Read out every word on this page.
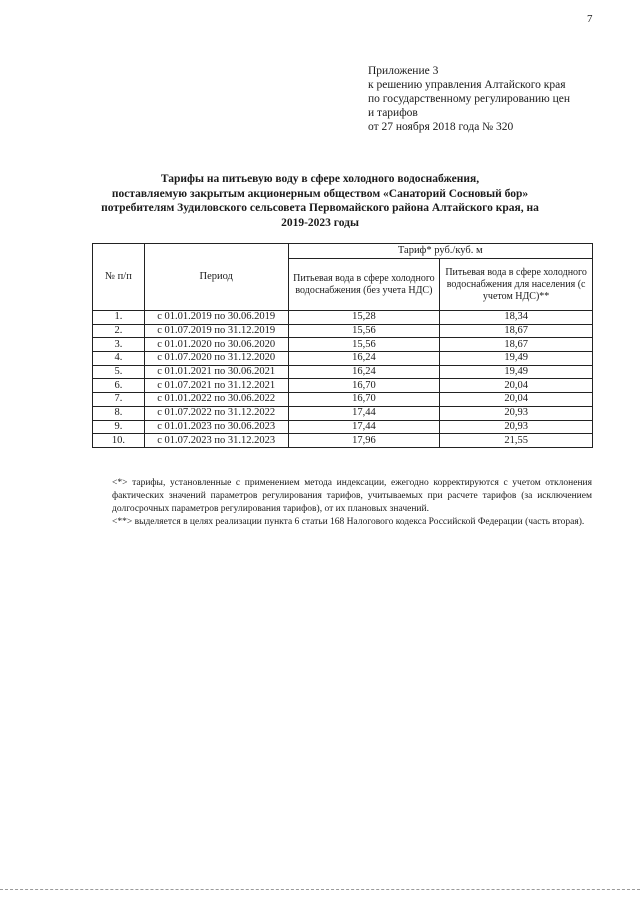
7
Приложение 3
к решению управления Алтайского края
по государственному регулированию цен
и тарифов
от 27 ноября 2018 года № 320
Тарифы на питьевую воду в сфере холодного водоснабжения,
поставляемую закрытым акционерным обществом «Санаторий Сосновый бор»
потребителям Зудиловского сельсовета Первомайского района Алтайского края, на
2019-2023 годы
№ п/п	Период	Тариф* руб./куб. м	
		Питьевая вода в сфере холодного водоснабжения (без учета НДС)	Питьевая вода в сфере холодного водоснабжения для населения (с учетом НДС)**
1.	с 01.01.2019 по 30.06.2019	15,28	18,34
2.	с 01.07.2019 по 31.12.2019	15,56	18,67
3.	с 01.01.2020 по 30.06.2020	15,56	18,67
4.	с 01.07.2020 по 31.12.2020	16,24	19,49
5.	с 01.01.2021 по 30.06.2021	16,24	19,49
6.	с 01.07.2021 по 31.12.2021	16,70	20,04
7.	с 01.01.2022 по 30.06.2022	16,70	20,04
8.	с 01.07.2022 по 31.12.2022	17,44	20,93
9.	с 01.01.2023 по 30.06.2023	17,44	20,93
10.	с 01.07.2023 по 31.12.2023	17,96	21,55

<*> тарифы, установленные с применением метода индексации, ежегодно корректируются с учетом отклонения фактических значений параметров регулирования тарифов, учитываемых при расчете тарифов (за исключением долгосрочных параметров регулирования тарифов), от их плановых значений.

<**> выделяется в целях реализации пункта 6 статьи 168 Налогового кодекса Российской Федерации (часть вторая).
